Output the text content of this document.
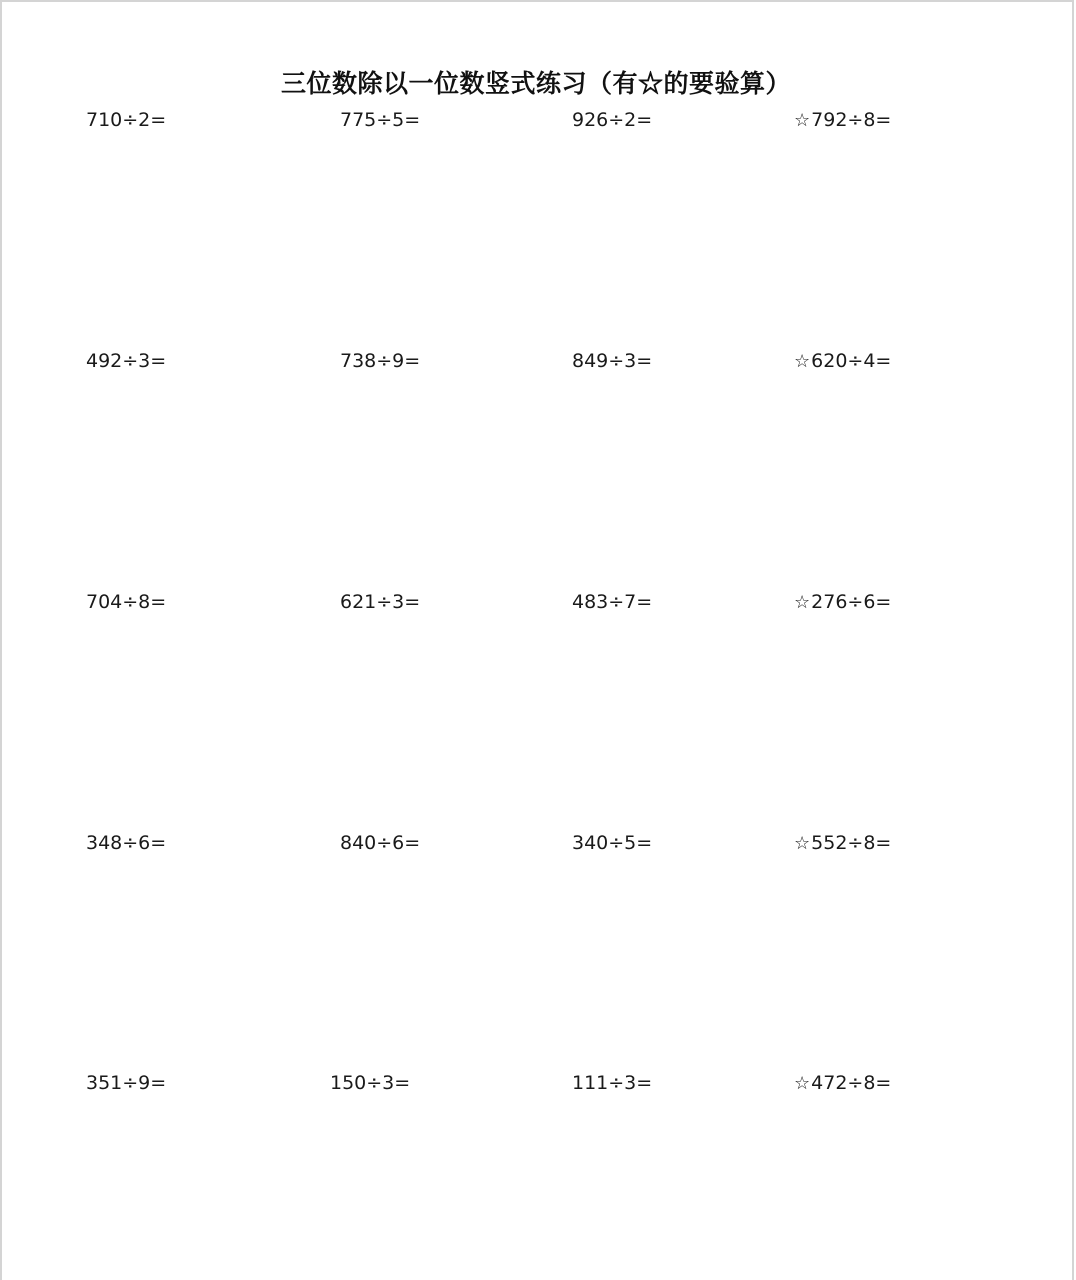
三位数除以一位数竖式练习（有☆的要验算）
710÷2=	775÷5=	926÷2=	☆792÷8=
492÷3=	738÷9=	849÷3=	☆620÷4=
704÷8=	621÷3=	483÷7=	☆276÷6=
348÷6=	840÷6=	340÷5=	☆552÷8=
351÷9=	150÷3=	111÷3=	☆472÷8=
